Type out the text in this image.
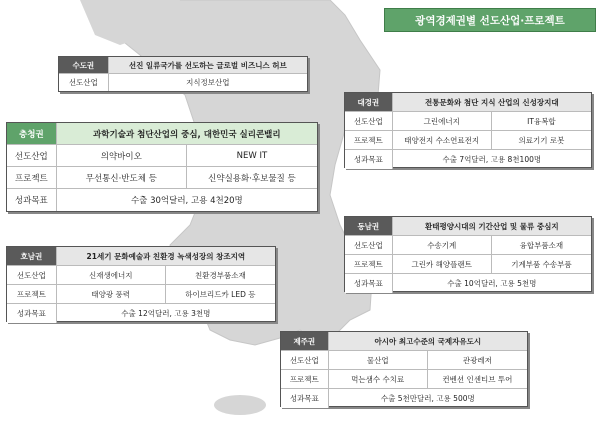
광역경제권별 선도산업·프로젝트
수도권	선진 일류국가를 선도하는 글로벌 비즈니스 허브
선도산업	지식정보산업
충청권	과학기술과 첨단산업의 중심, 대한민국 실리콘밸리
선도산업	의약바이오	NEW IT
프로젝트	무선통신·반도체 등	신약실용화·후보물질 등
성과목표	수출 30억달러, 고용 4천20명
대경권	전통문화와 첨단 지식 산업의 신성장지대
선도산업	그린에너지	IT융복합
프로젝트	태양전지 수소연료전지	의료기기 로봇
성과목표	수출 7억달러, 고용 8천100명
동남권	환태평양시대의 기간산업 및 물류 중심지
선도산업	수송기계	융합부품소재
프로젝트	그린카 해양플랜트	기계부품 수송부품
성과목표	수출 10억달러, 고용 5천명
호남권	21세기 문화예술과 친환경 녹색성장의 창조지역
선도산업	신재생에너지	친환경부품소재
프로젝트	태양광 풍력	하이브리드카 LED 등
성과목표	수출 12억달러, 고용 3천명
제주권	아시아 최고수준의 국제자유도시
선도산업	물산업	관광레저
프로젝트	먹는샘수 수치료	컨벤션 인센티브 투어
성과목표	수출 5천만달러, 고용 500명
